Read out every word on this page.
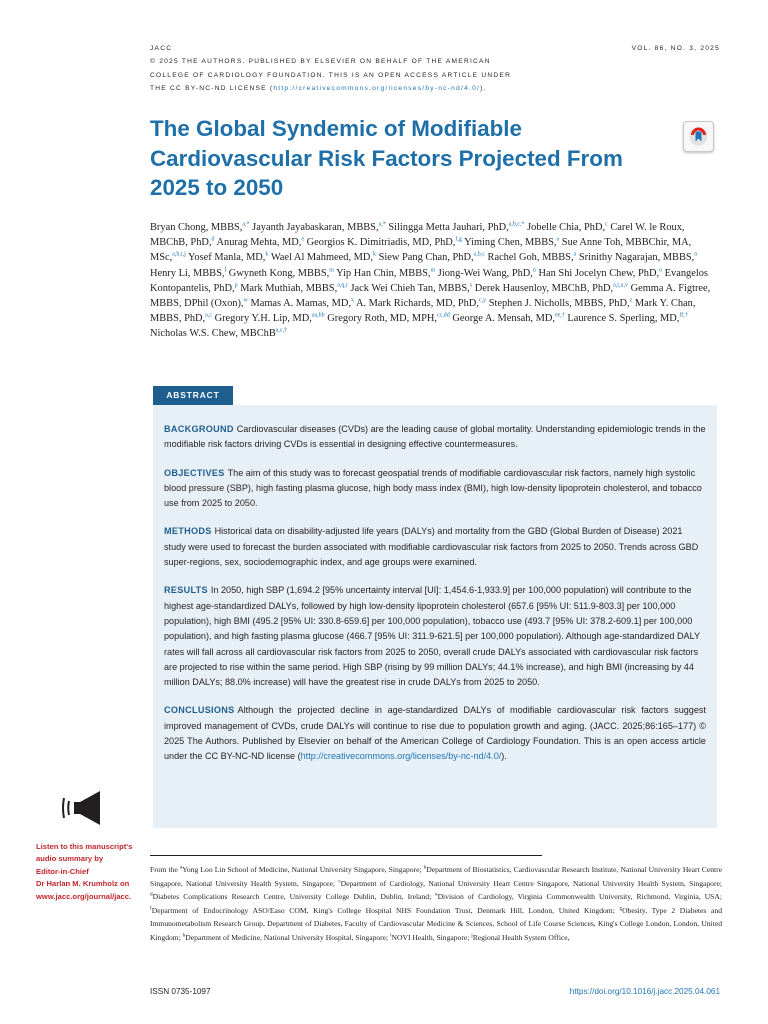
JACC	VOL. 86, NO. 3, 2025
© 2025 THE AUTHORS. PUBLISHED BY ELSEVIER ON BEHALF OF THE AMERICAN
COLLEGE OF CARDIOLOGY FOUNDATION. THIS IS AN OPEN ACCESS ARTICLE UNDER
THE CC BY-NC-ND LICENSE (http://creativecommons.org/licenses/by-nc-nd/4.0/).
The Global Syndemic of Modifiable Cardiovascular Risk Factors Projected From 2025 to 2050
Bryan Chong, MBBS,$^{a,*}$ Jayanth Jayabaskaran, MBBS,$^{a,*}$ Silingga Metta Jauhari, PhD,$^{a,b,c,*}$ Jobelle Chia, PhD,$^c$ Carel W. le Roux, MBChB, PhD,$^d$ Anurag Mehta, MD,$^e$ Georgios K. Dimitriadis, MD, PhD,$^{f,g}$ Yiming Chen, MBBS,$^a$ Sue Anne Toh, MBBChir, MA, MSc,$^{a,h,i,j}$ Yosef Manla, MD,$^k$ Wael Al Mahmeed, MD,$^k$ Siew Pang Chan, PhD,$^{a,b,c}$ Rachel Goh, MBBS,$^a$ Srinithy Nagarajan, MBBS,$^a$ Henry Li, MBBS,$^l$ Gwyneth Kong, MBBS,$^m$ Yip Han Chin, MBBS,$^m$ Jiong-Wei Wang, PhD,$^n$ Han Shi Jocelyn Chew, PhD,$^o$ Evangelos Kontopantelis, PhD,$^p$ Mark Muthiah, MBBS,$^{a,q,r}$ Jack Wei Chieh Tan, MBBS,$^s$ Derek Hausenloy, MBChB, PhD,$^{a,t,u,v}$ Gemma A. Figtree, MBBS, DPhil (Oxon),$^w$ Mamas A. Mamas, MD,$^x$ A. Mark Richards, MD, PhD,$^{c,y}$ Stephen J. Nicholls, MBBS, PhD,$^z$ Mark Y. Chan, MBBS, PhD,$^{a,c}$ Gregory Y.H. Lip, MD,$^{aa,bb}$ Gregory Roth, MD, MPH,$^{cc,dd}$ George A. Mensah, MD,$^{ee,\dagger}$ Laurence S. Sperling, MD,$^{ff,\dagger}$ Nicholas W.S. Chew, MBChB$^{a,c,\dagger}$
ABSTRACT

BACKGROUND Cardiovascular diseases (CVDs) are the leading cause of global mortality. Understanding epidemiologic trends in the modifiable risk factors driving CVDs is essential in designing effective countermeasures.

OBJECTIVES The aim of this study was to forecast geospatial trends of modifiable cardiovascular risk factors, namely high systolic blood pressure (SBP), high fasting plasma glucose, high body mass index (BMI), high low-density lipoprotein cholesterol, and tobacco use from 2025 to 2050.

METHODS Historical data on disability-adjusted life years (DALYs) and mortality from the GBD (Global Burden of Disease) 2021 study were used to forecast the burden associated with modifiable cardiovascular risk factors from 2025 to 2050. Trends across GBD super-regions, sex, sociodemographic index, and age groups were examined.

RESULTS In 2050, high SBP (1,694.2 [95% uncertainty interval [UI]: 1,454.6-1,933.9] per 100,000 population) will contribute to the highest age-standardized DALYs, followed by high low-density lipoprotein cholesterol (657.6 [95% UI: 511.9-803.3] per 100,000 population), high BMI (495.2 [95% UI: 330.8-659.6] per 100,000 population), tobacco use (493.7 [95% UI: 378.2-609.1] per 100,000 population), and high fasting plasma glucose (466.7 [95% UI: 311.9-621.5] per 100,000 population). Although age-standardized DALY rates will fall across all cardiovascular risk factors from 2025 to 2050, overall crude DALYs associated with cardiovascular risk factors are projected to rise within the same period. High SBP (rising by 99 million DALYs; 44.1% increase), and high BMI (increasing by 44 million DALYs; 88.0% increase) will have the greatest rise in crude DALYs from 2025 to 2050.

CONCLUSIONS Although the projected decline in age-standardized DALYs of modifiable cardiovascular risk factors suggest improved management of CVDs, crude DALYs will continue to rise due to population growth and aging. (JACC. 2025;86:165–177) © 2025 The Authors. Published by Elsevier on behalf of the American College of Cardiology Foundation. This is an open access article under the CC BY-NC-ND license (http://creativecommons.org/licenses/by-nc-nd/4.0/).

Listen to this manuscript's
audio summary by
Editor-in-Chief
Dr Harlan M. Krumholz on
www.jacc.org/journal/jacc.
From the $^a$Yong Loo Lin School of Medicine, National University Singapore, Singapore; $^b$Department of Biostatistics, Cardiovascular Research Institute, National University Heart Centre Singapore, National University Health System, Singapore; $^c$Department of Cardiology, National University Heart Centre Singapore, National University Health System, Singapore; $^d$Diabetes Complications Research Centre, University College Dublin, Dublin, Ireland; $^e$Division of Cardiology, Virginia Commonwealth University, Richmond, Virginia, USA; $^f$Department of Endocrinology ASO/Easo COM, King's College Hospital NHS Foundation Trust, Denmark Hill, London, United Kingdom; $^g$Obesity, Type 2 Diabetes and Immunometabolism Research Group, Department of Diabetes, Faculty of Cardiovascular Medicine & Sciences, School of Life Course Sciences, King's College London, London, United Kingdom; $^h$Department of Medicine, National University Hospital, Singapore; $^i$NOVI Health, Singapore; $^j$Regional Health System Office,
ISSN 0735-1097	https://doi.org/10.1016/j.jacc.2025.04.061
